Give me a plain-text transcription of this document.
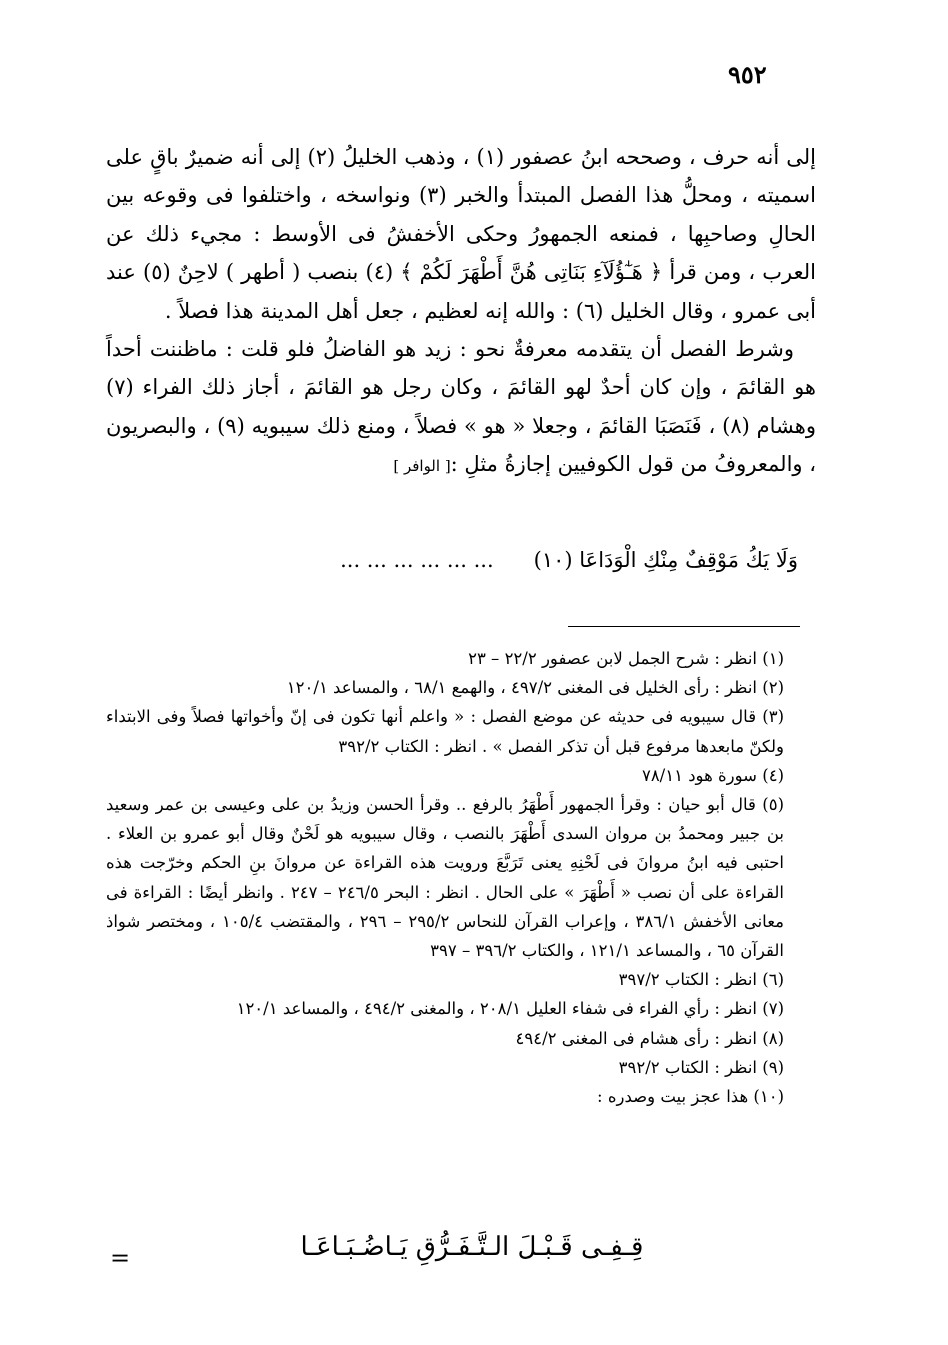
٩٥٢

إلى أنه حرف ، وصححه ابنُ عصفور (١) ، وذهب الخليلُ (٢) إلى أنه ضميرٌ باقٍ على اسميته ، ومحلُّ هذا الفصل المبتدأ والخبر (٣) ونواسخه ، واختلفوا فى وقوعه بين الحالِ وصاحبِها ، فمنعه الجمهورُ وحكى الأخفشُ فى الأوسط : مجيء ذلك عن العرب ، ومن قرأ ﴿ هَـٰٓؤُلَآءِ بَنَاتِى هُنَّ أَطْهَرَ لَكُمْ ﴾ (٤) بنصب ( أطهر ) لاحِنٌ (٥) عند أبى عمرو ، وقال الخليل (٦) : والله إنه لعظيم ، جعل أهل المدينة هذا فصلاً .

وشرط الفصل أن يتقدمه معرفةٌ نحو : زيد هو الفاضلُ فلو قلت : ماظننت أحداً هو القائمَ ، وإن كان أحدٌ لهو القائمَ ، وكان رجل هو القائمَ ، أجاز ذلك الفراء (٧) وهشام (٨) ، فَنَصَبَا القائمَ ، وجعلا « هو » فصلاً ، ومنع ذلك سيبويه (٩) ، والبصريون ، والمعروفُ من قول الكوفيين إجازةُ مثلِ :[ الوافر ]

وَلَا يَكُ مَوْقِفٌ مِنْكِ الْوَدَاعَا (١٠)... ... ... ... ... ...

(١) انظر : شرح الجمل لابن عصفور ٢٢/٢ – ٢٣

(٢) انظر : رأى الخليل فى المغنى ٤٩٧/٢ ، والهمع ٦٨/١ ، والمساعد ١٢٠/١

(٣) قال سيبويه فى حديثه عن موضع الفصل : « واعلم أنها تكون فى إنّ وأخواتها فصلاً وفى الابتداء ولكنّ مابعدها مرفوع قبل أن تذكر الفصل » . انظر : الكتاب ٣٩٢/٢

(٤) سورة هود ٧٨/١١

(٥) قال أبو حيان : وقرأ الجمهور أَطْهَرُ بالرفع .. وقرأ الحسن وزيدُ بن على وعيسى بن عمر وسعيد بن جبير ومحمدُ بن مروان السدى أَطْهَرَ بالنصب ، وقال سيبويه هو لَحْنٌ وقال أبو عمرو بن العلاء . احتبى فيه ابنُ مروانَ فى لَحْنِهِ يعنى تَرَبَّعَ ورويت هذه القراءة عن مروانَ بنِ الحكم وخرّجت هذه القراءة على أن نصب « أَطْهَرَ » على الحال . انظر : البحر ٢٤٦/٥ – ٢٤٧ . وانظر أيضًا : القراءة فى معانى الأخفش ٣٨٦/١ ، وإعراب القرآن للنحاس ٢٩٥/٢ – ٢٩٦ ، والمقتضب ١٠٥/٤ ، ومختصر شواذ القرآن ٦٥ ، والمساعد ١٢١/١ ، والكتاب ٣٩٦/٢ – ٣٩٧

(٦) انظر : الكتاب ٣٩٧/٢

(٧) انظر : رأي الفراء فى شفاء العليل ٢٠٨/١ ، والمغنى ٤٩٤/٢ ، والمساعد ١٢٠/١

(٨) انظر : رأى هشام فى المغنى ٤٩٤/٢

(٩) انظر : الكتاب ٣٩٢/٢

(١٠) هذا عجز بيت وصدره :

قِـفِـى قَـبْـلَ الـتَّـفَـرُّقِ يَـاضُـبَـاعَـا
=
